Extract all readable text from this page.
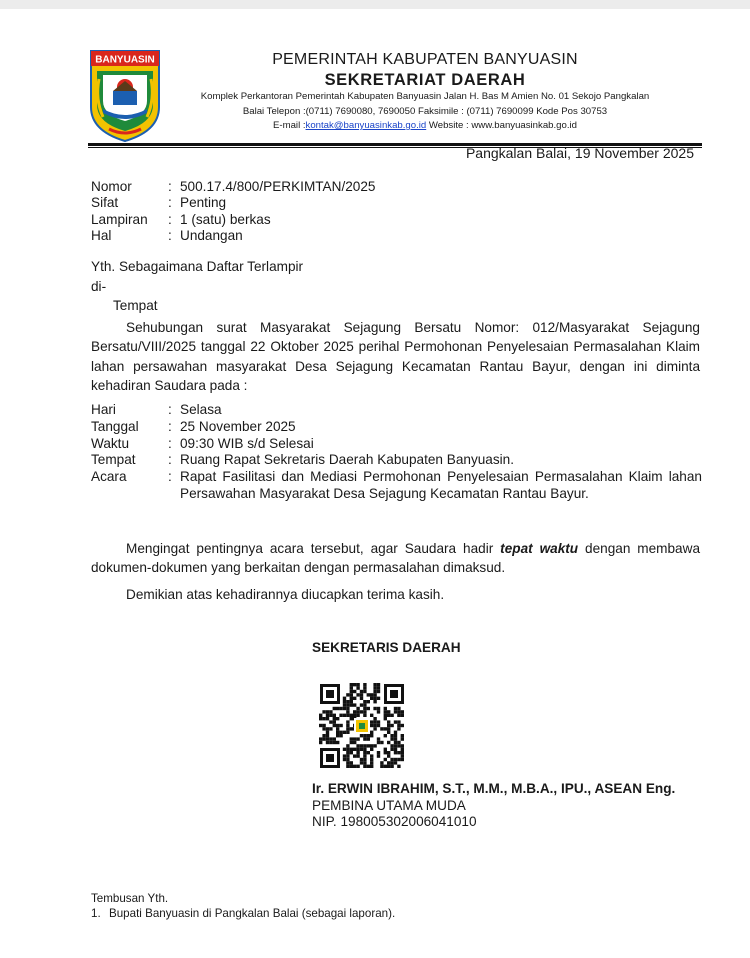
BANYUASIN	PEMERINTAH KABUPATEN BANYUASIN
SEKRETARIAT DAERAH
Komplek Perkantoran Pemerintah Kabupaten Banyuasin Jalan H. Bas M Amien No. 01 Sekojo Pangkalan
Balai Telepon :(0711) 7690080, 7690050 Faksimile : (0711) 7690099 Kode Pos 30753
E-mail :kontak@banyuasinkab.go.id Website : www.banyuasinkab.go.id
Pangkalan Balai, 19 November 2025
Nomor	: 500.17.4/800/PERKIMTAN/2025
Sifat	: Penting
Lampiran	: 1 (satu) berkas
Hal	: Undangan
Yth. Sebagaimana Daftar Terlampir
di-
Tempat
Sehubungan surat Masyarakat Sejagung Bersatu Nomor: 012/Masyarakat Sejagung Bersatu/VIII/2025 tanggal 22 Oktober 2025 perihal Permohonan Penyelesaian Permasalahan Klaim lahan persawahan masyarakat Desa Sejagung Kecamatan Rantau Bayur, dengan ini diminta kehadiran Saudara pada :
Hari	: Selasa
Tanggal	: 25 November 2025
Waktu	: 09:30 WIB s/d Selesai
Tempat	: Ruang Rapat Sekretaris Daerah Kabupaten Banyuasin.
Acara	: Rapat Fasilitasi dan Mediasi Permohonan Penyelesaian Permasalahan Klaim lahan Persawahan Masyarakat Desa Sejagung Kecamatan Rantau Bayur.
Mengingat pentingnya acara tersebut, agar Saudara hadir tepat waktu dengan membawa dokumen-dokumen yang berkaitan dengan permasalahan dimaksud.
Demikian atas kehadirannya diucapkan terima kasih.
SEKRETARIS DAERAH
Ir. ERWIN IBRAHIM, S.T., M.M., M.B.A., IPU., ASEAN Eng.
PEMBINA UTAMA MUDA
NIP. 198005302006041010
Tembusan Yth.
1. Bupati Banyuasin di Pangkalan Balai (sebagai laporan).
